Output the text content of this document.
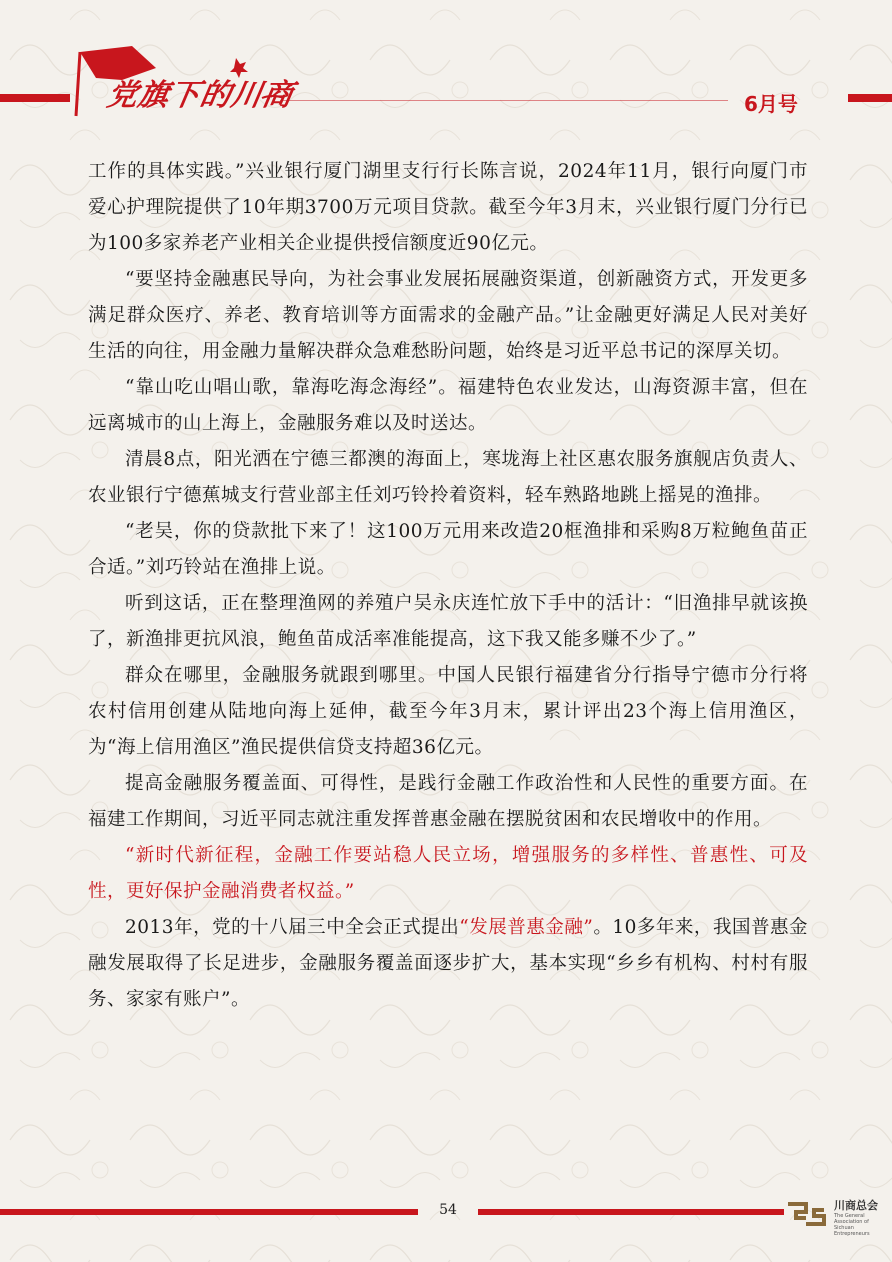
党旗下的川商	6月号

工作的具体实践。”兴业银行厦门湖里支行行长陈言说，2024年11月，银行向厦门市爱心护理院提供了10年期3700万元项目贷款。截至今年3月末，兴业银行厦门分行已为100多家养老产业相关企业提供授信额度近90亿元。

“要坚持金融惠民导向，为社会事业发展拓展融资渠道，创新融资方式，开发更多满足群众医疗、养老、教育培训等方面需求的金融产品。”让金融更好满足人民对美好生活的向往，用金融力量解决群众急难愁盼问题，始终是习近平总书记的深厚关切。

“靠山吃山唱山歌，靠海吃海念海经”。福建特色农业发达，山海资源丰富，但在远离城市的山上海上，金融服务难以及时送达。

清晨8点，阳光洒在宁德三都澳的海面上，寒垅海上社区惠农服务旗舰店负责人、农业银行宁德蕉城支行营业部主任刘巧铃拎着资料，轻车熟路地跳上摇晃的渔排。

“老吴，你的贷款批下来了！这100万元用来改造20框渔排和采购8万粒鲍鱼苗正合适。”刘巧铃站在渔排上说。

听到这话，正在整理渔网的养殖户吴永庆连忙放下手中的活计：“旧渔排早就该换了，新渔排更抗风浪，鲍鱼苗成活率准能提高，这下我又能多赚不少了。”

群众在哪里，金融服务就跟到哪里。中国人民银行福建省分行指导宁德市分行将农村信用创建从陆地向海上延伸，截至今年3月末，累计评出23个海上信用渔区，为“海上信用渔区”渔民提供信贷支持超36亿元。

提高金融服务覆盖面、可得性，是践行金融工作政治性和人民性的重要方面。在福建工作期间，习近平同志就注重发挥普惠金融在摆脱贫困和农民增收中的作用。

“新时代新征程，金融工作要站稳人民立场，增强服务的多样性、普惠性、可及性，更好保护金融消费者权益。”

2013年，党的十八届三中全会正式提出“发展普惠金融”。10多年来，我国普惠金融发展取得了长足进步，金融服务覆盖面逐步扩大，基本实现“乡乡有机构、村村有服务、家家有账户”。

54	川商总会
The General Association of Sichuan Entrepreneurs
